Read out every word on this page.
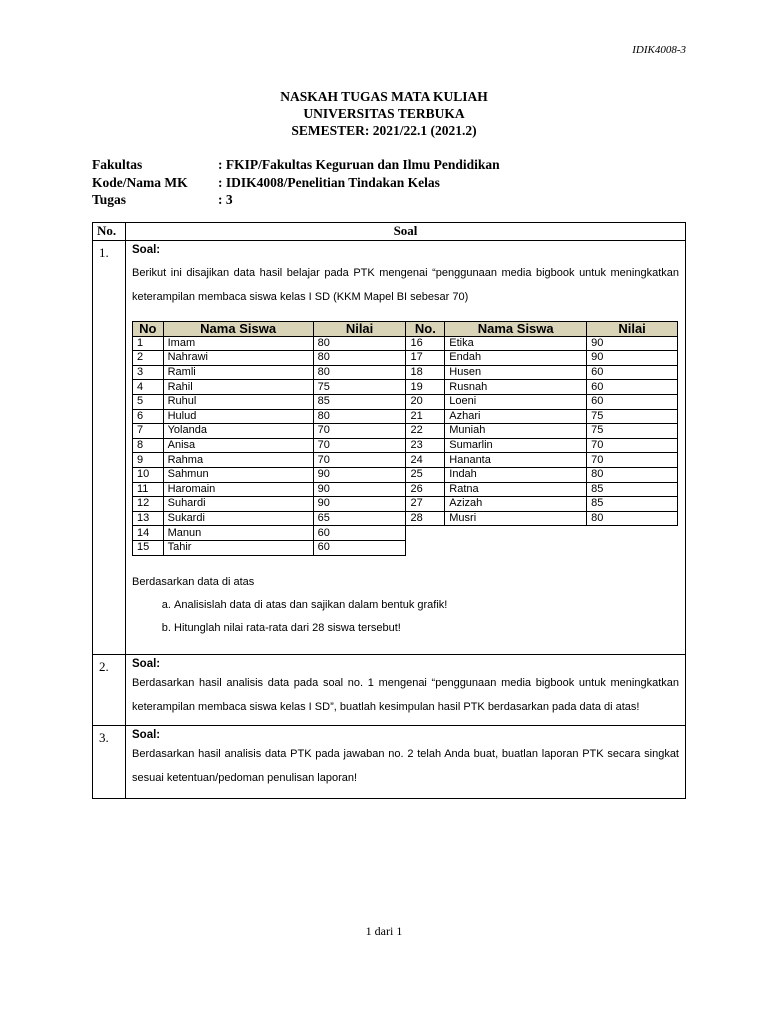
IDIK4008-3
NASKAH TUGAS MATA KULIAH
UNIVERSITAS TERBUKA
SEMESTER: 2021/22.1 (2021.2)
Fakultas	: FKIP/Fakultas Keguruan dan Ilmu Pendidikan
Kode/Nama MK	: IDIK4008/Penelitian Tindakan Kelas
Tugas	: 3
No.	Soal
1.	Soal:

Berikut ini disajikan data hasil belajar pada PTK mengenai “penggunaan media bigbook untuk meningkatkan keterampilan membaca siswa kelas I SD (KKM Mapel BI sebesar 70)

No	Nama Siswa	Nilai	No.	Nama Siswa	Nilai
1	Imam	80	16	Etika	90
2	Nahrawi	80	17	Endah	90
3	Ramli	80	18	Husen	60
4	Rahil	75	19	Rusnah	60
5	Ruhul	85	20	Loeni	60
6	Hulud	80	21	Azhari	75
7	Yolanda	70	22	Muniah	75
8	Anisa	70	23	Sumarlin	70
9	Rahma	70	24	Hananta	70
10	Sahmun	90	25	Indah	80
11	Haromain	90	26	Ratna	85
12	Suhardi	90	27	Azizah	85
13	Sukardi	65	28	Musri	80
14	Manun	60			
15	Tahir	60			
Berdasarkan data di atas
a. Analisislah data di atas dan sajikan dalam bentuk grafik!
b. Hitunglah nilai rata-rata dari 28 siswa tersebut!

2.	Soal:

Berdasarkan hasil analisis data pada soal no. 1 mengenai “penggunaan media bigbook untuk meningkatkan keterampilan membaca siswa kelas I SD”, buatlah kesimpulan hasil PTK berdasarkan pada data di atas!

3.	Soal:

Berdasarkan hasil analisis data PTK pada jawaban no. 2 telah Anda buat, buatlan laporan PTK secara singkat sesuai ketentuan/pedoman penulisan laporan!

1 dari 1
